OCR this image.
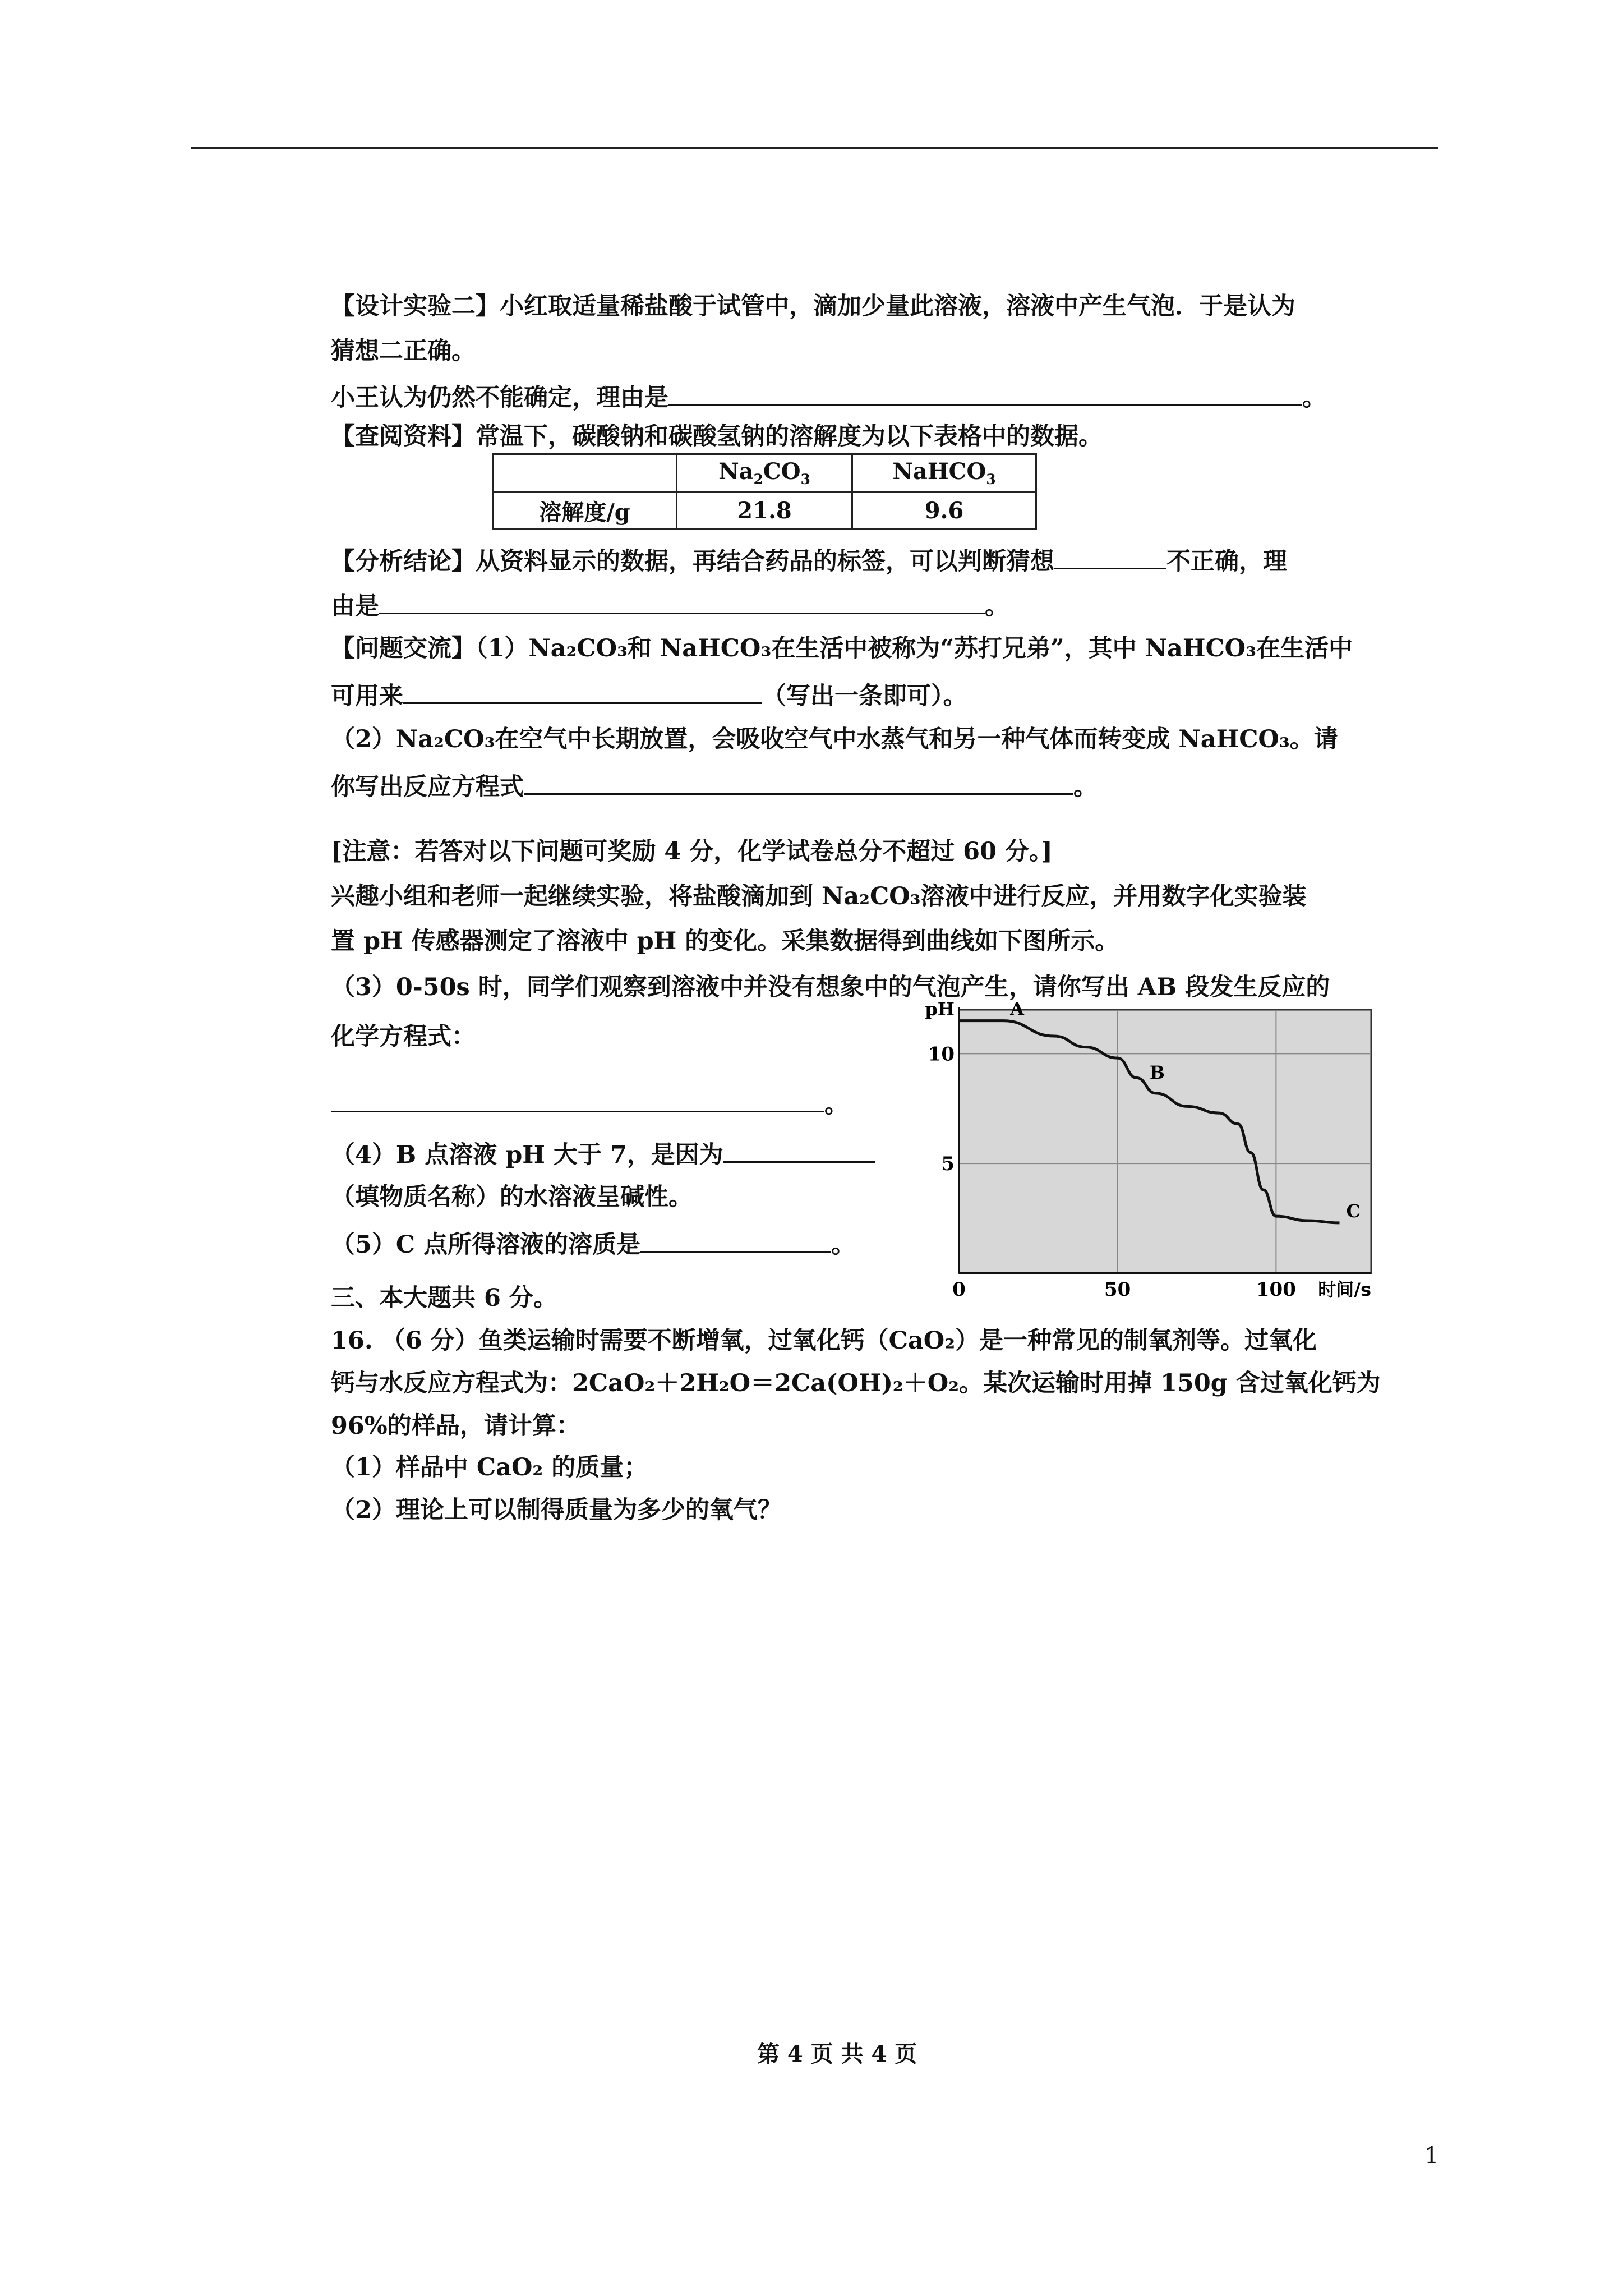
【设计实验二】小红取适量稀盐酸于试管中，滴加少量此溶液，溶液中产生气泡．于是认为
猜想二正确。
小王认为仍然不能确定，理由是	。
【查阅资料】常温下，碳酸钠和碳酸氢钠的溶解度为以下表格中的数据。
	$Na_2CO_3$	NaHCO$_3$
溶解度/g	21.8	9.6
【分析结论】从资料显示的数据，再结合药品的标签，可以判断猜想	不正确，理
由是	。
【问题交流】（1）Na₂CO₃和 NaHCO₃在生活中被称为“苏打兄弟”，其中 NaHCO₃在生活中
可用来	（写出一条即可）。
（2）Na₂CO₃在空气中长期放置，会吸收空气中水蒸气和另一种气体而转变成 NaHCO₃。请
你写出反应方程式	。
[注意：若答对以下问题可奖励 4 分，化学试卷总分不超过 60 分。]
兴趣小组和老师一起继续实验，将盐酸滴加到 Na₂CO₃溶液中进行反应，并用数字化实验装
置 pH 传感器测定了溶液中 pH 的变化。采集数据得到曲线如下图所示。
（3）0-50s 时，同学们观察到溶液中并没有想象中的气泡产生，请你写出 AB 段发生反应的
化学方程式：
。
（4）B 点溶液 pH 大于 7，是因为
（填物质名称）的水溶液呈碱性。
（5）C 点所得溶液的溶质是	。
0	50	100
5
10
pH
时间/s
A
B
C
三、本大题共 6 分。
16. （6 分）鱼类运输时需要不断增氧，过氧化钙（CaO₂）是一种常见的制氧剂等。过氧化
钙与水反应方程式为：2CaO₂＋2H₂O＝2Ca(OH)₂＋O₂。某次运输时用掉 150g 含过氧化钙为
96%的样品，请计算：
（1）样品中 CaO₂ 的质量；
（2）理论上可以制得质量为多少的氧气？
第 4 页 共 4 页
1
